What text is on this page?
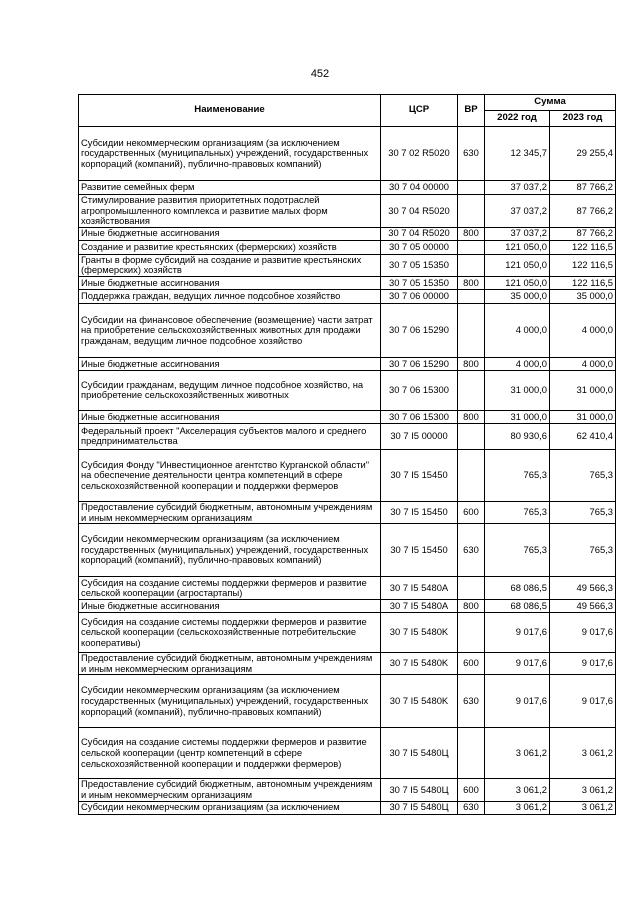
452
Наименование	ЦСР	ВР	Сумма	
			2022 год	2023 год
Субсидии некоммерческим организациям (за исключением государственных (муниципальных) учреждений, государственных корпораций (компаний), публично-правовых компаний)	30 7 02 R5020	630	12 345,7	29 255,4
Развитие семейных ферм	30 7 04 00000		37 037,2	87 766,2
Стимулирование развития приоритетных подотраслей агропромышленного комплекса и развитие малых форм хозяйствования	30 7 04 R5020		37 037,2	87 766,2
Иные бюджетные ассигнования	30 7 04 R5020	800	37 037,2	87 766,2
Создание и развитие крестьянских (фермерских) хозяйств	30 7 05 00000		121 050,0	122 116,5
Гранты в форме субсидий на создание и развитие крестьянских (фермерских) хозяйств	30 7 05 15350		121 050,0	122 116,5
Иные бюджетные ассигнования	30 7 05 15350	800	121 050,0	122 116,5
Поддержка граждан, ведущих личное подсобное хозяйство	30 7 06 00000		35 000,0	35 000,0
Субсидии на финансовое обеспечение (возмещение) части затрат на приобретение сельскохозяйственных животных для продажи гражданам, ведущим личное подсобное хозяйство	30 7 06 15290		4 000,0	4 000,0
Иные бюджетные ассигнования	30 7 06 15290	800	4 000,0	4 000,0
Субсидии гражданам, ведущим личное подсобное хозяйство, на приобретение сельскохозяйственных животных	30 7 06 15300		31 000,0	31 000,0
Иные бюджетные ассигнования	30 7 06 15300	800	31 000,0	31 000,0
Федеральный проект "Акселерация субъектов малого и среднего предпринимательства	30 7 I5 00000		80 930,6	62 410,4
Субсидия Фонду "Инвестиционное агентство Курганской области" на обеспечение деятельности центра компетенций в сфере сельскохозяйственной кооперации и поддержки фермеров	30 7 I5 15450		765,3	765,3
Предоставление субсидий бюджетным, автономным учреждениям и иным некоммерческим организациям	30 7 I5 15450	600	765,3	765,3
Субсидии некоммерческим организациям (за исключением государственных (муниципальных) учреждений, государственных корпораций (компаний), публично-правовых компаний)	30 7 I5 15450	630	765,3	765,3
Субсидия на создание системы поддержки фермеров и развитие сельской кооперации (агростартапы)	30 7 I5 5480A		68 086,5	49 566,3
Иные бюджетные ассигнования	30 7 I5 5480A	800	68 086,5	49 566,3
Субсидия на создание системы поддержки фермеров и развитие сельской кооперации (сельскохозяйственные потребительские кооперативы)	30 7 I5 5480K		9 017,6	9 017,6
Предоставление субсидий бюджетным, автономным учреждениям и иным некоммерческим организациям	30 7 I5 5480K	600	9 017,6	9 017,6
Субсидии некоммерческим организациям (за исключением государственных (муниципальных) учреждений, государственных корпораций (компаний), публично-правовых компаний)	30 7 I5 5480K	630	9 017,6	9 017,6
Субсидия на создание системы поддержки фермеров и развитие сельской кооперации (центр компетенций в сфере сельскохозяйственной кооперации и поддержки фермеров)	30 7 I5 5480Ц		3 061,2	3 061,2
Предоставление субсидий бюджетным, автономным учреждениям и иным некоммерческим организациям	30 7 I5 5480Ц	600	3 061,2	3 061,2
Субсидии некоммерческим организациям (за исключением	30 7 I5 5480Ц	630	3 061,2	3 061,2
